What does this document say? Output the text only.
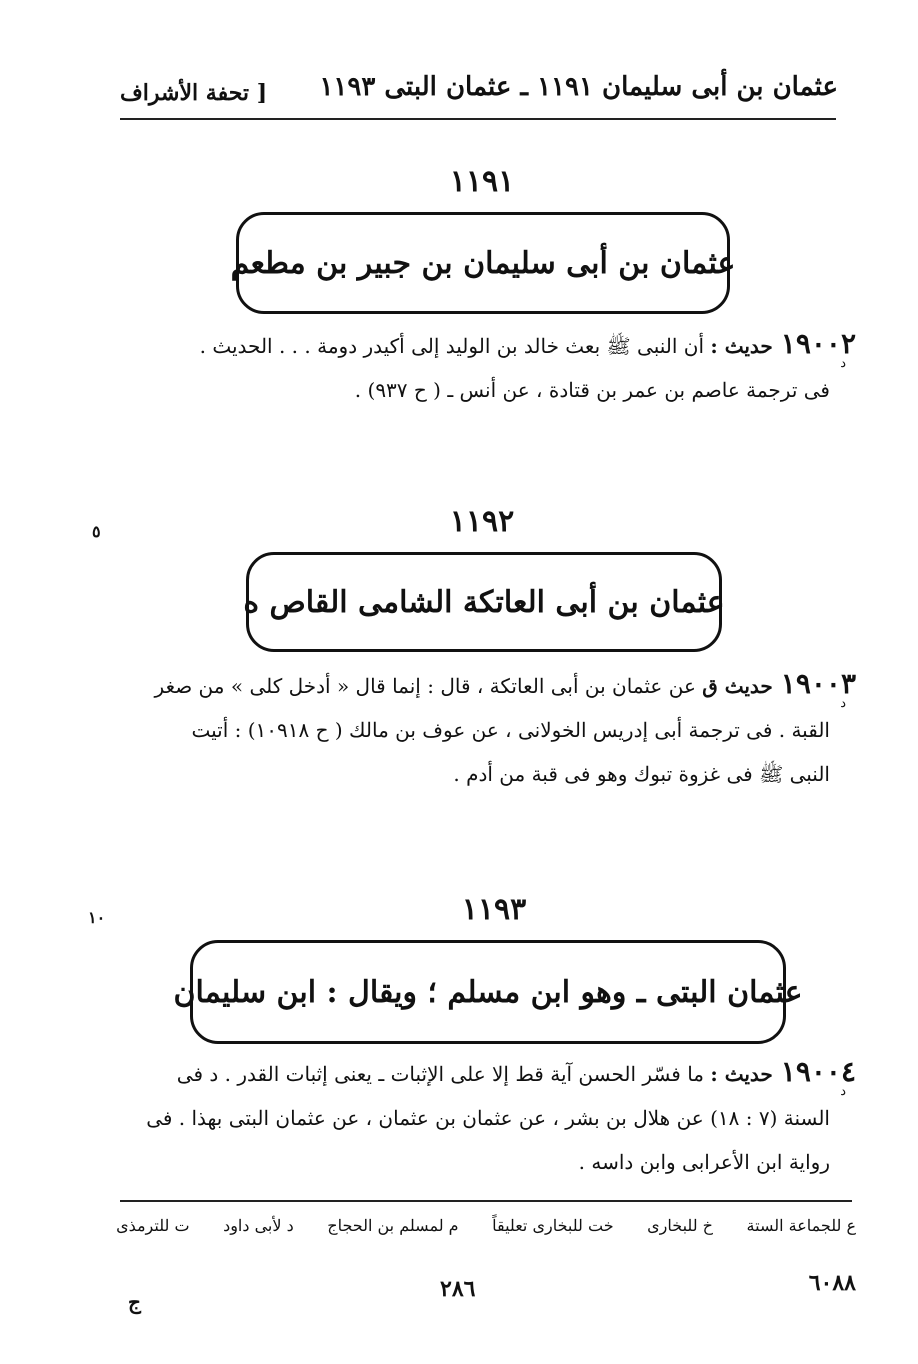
عثمان بن أبى سليمان ١١٩١ ـ عثمان البتى ١١٩٣
[ تحفة الأشراف
١١٩١
عثمان بن أبى سليمان بن جبير بن مطعم
١٩٠٠٢حديث : أن النبى ﷺ بعث خالد بن الوليد إلى أكيدر دومة . . . الحديث .
فى ترجمة عاصم بن عمر بن قتادة ، عن أنس ـ ( ح ٩٣٧) .
د
١١٩٢
عثمان بن أبى العاتكة الشامى القاص ه
٥
١٩٠٠٣حديث ق عن عثمان بن أبى العاتكة ، قال : إنما قال « أدخل كلى » من صغر
القبة . فى ترجمة أبى إدريس الخولانى ، عن عوف بن مالك ( ح ١٠٩١٨) : أتيت
النبى ﷺ فى غزوة تبوك وهو فى قبة من أدم .
د
١١٩٣
١٠
عثمان البتى ـ وهو ابن مسلم ؛ ويقال : ابن سليمان
١٩٠٠٤حديث : ما فسّر الحسن آية قط إلا على الإثبات ـ يعنى إثبات القدر . د فى
السنة (٧ : ١٨) عن هلال بن بشر ، عن عثمان بن عثمان ، عن عثمان البتى بهذا . فى
رواية ابن الأعرابى وابن داسه .
د
ع للجماعة الستة
خ للبخارى
خت للبخارى تعليقاً
م لمسلم بن الحجاج
د لأبى داود
ت للترمذى
٦٠٨٨
٢٨٦
ج
